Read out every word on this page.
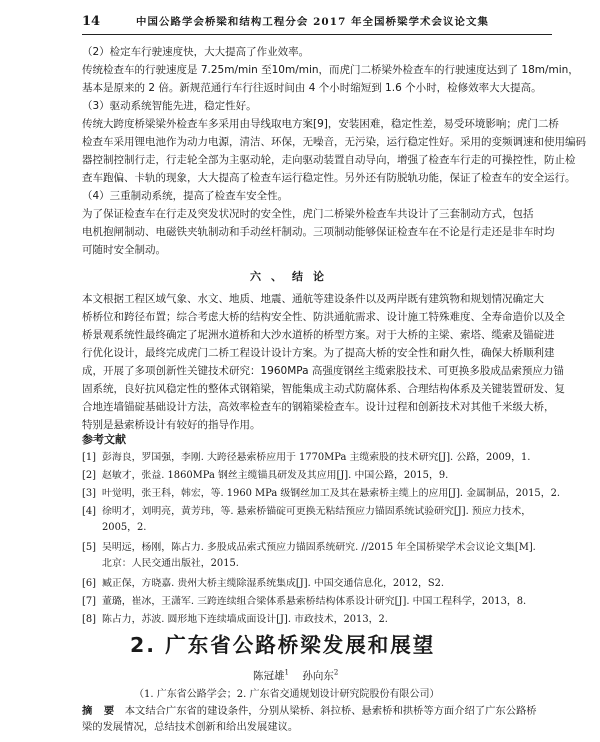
14	中国公路学会桥梁和结构工程分会 2017 年全国桥梁学术会议论文集
（2）检定车行驶速度快，大大提高了作业效率。
传统检查车的行驶速度是 7.25m/min 至10m/min，而虎门二桥梁外检查车的行驶速度达到了 18m/min，
基本是原来的 2 倍。新规范通行车行往返时间由 4 个小时缩短到 1.6 个小时，检修效率大大提高。
（3）驱动系统智能先进，稳定性好。
传统大跨度桥梁梁外检查车多采用由导线取电方案[9]，安装困难，稳定性差，易受环境影响；虎门二桥
检查车采用锂电池作为动力电源，清洁、环保，无噪音，无污染，运行稳定性好。采用的变频调速和使用编码
器控制控制行走，行走轮全部为主驱动轮，走向驱动装置自动导向，增强了检查车行走的可操控性，防止检
查车跑偏、卡轨的现象，大大提高了检查车运行稳定性。另外还有防脱轨功能，保证了检查车的安全运行。
（4）三重制动系统，提高了检查车安全性。
为了保证检查车在行走及突发状况时的安全性，虎门二桥梁外检查车共设计了三套制动方式，包括
电机抱闸制动、电磁铁夹轨制动和手动丝杆制动。三项制动能够保证检查车在不论是行走还是非车时均
可随时安全制动。
六、结论
本文根据工程区域气象、水文、地质、地震、通航等建设条件以及两岸既有建筑物和规划情况确定大
桥桥位和跨径布置；综合考虑大桥的结构安全性、防洪通航需求、设计施工特殊难度、全寿命造价以及全
桥景观系统性最终确定了坭洲水道桥和大沙水道桥的桥型方案。对于大桥的主梁、索塔、缆索及锚碇进
行优化设计，最终完成虎门二桥工程设计设计方案。为了提高大桥的安全性和耐久性，确保大桥顺利建
成，开展了多项创新性关键技术研究：1960MPa 高强度钢丝主缆索股技术、可更换多股成品索预应力锚
固系统，良好抗风稳定性的整体式钢箱梁，智能集成主动式防腐体系、合理结构体系及关键装置研发、复
合地连墙锚碇基础设计方法，高效率检查车的钢箱梁检查车。设计过程和创新技术对其他千米级大桥，
特别是悬索桥设计有较好的指导作用。
参考文献
[1] 彭海良，罗国强，李刚. 大跨径悬索桥应用于 1770MPa 主缆索股的技术研究[J]. 公路，2009，1.
[2] 赵敏才，张益. 1860MPa 钢丝主缆锚具研发及其应用[J]. 中国公路，2015，9.
[3] 叶觉明，张王科，韩宏，等. 1960 MPa 级钢丝加工及其在悬索桥主缆上的应用[J]. 金属制品，2015，2.
[4] 徐明才，刘明亮，黄芳玮，等. 悬索桥锚碇可更换无粘结预应力锚固系统试验研究[J]. 预应力技术，
2005，2.
[5] 吴明远，杨刚，陈占力. 多股成品索式预应力锚固系统研究. //2015 年全国桥梁学术会议论文集[M].
北京：人民交通出版社，2015.
[6] 臧正保，方晓嘉. 贵州大桥主缆除湿系统集成[J]. 中国交通信息化，2012，S2.
[7] 董璐，崔冰，王潇军. 三跨连续组合梁体系悬索桥结构体系设计研究[J]. 中国工程科学，2013，8.
[8] 陈占力，苏波. 圆形地下连续墙成面设计[J]. 市政技术，2013，2.
2. 广东省公路桥梁发展和展望
陈冠雄$^1$ 孙向东$^2$
（1. 广东省公路学会；2. 广东省交通规划设计研究院股份有限公司）
摘 要 本文结合广东省的建设条件，分别从梁桥、斜拉桥、悬索桥和拱桥等方面介绍了广东公路桥
梁的发展情况，总结技术创新和给出发展建议。
